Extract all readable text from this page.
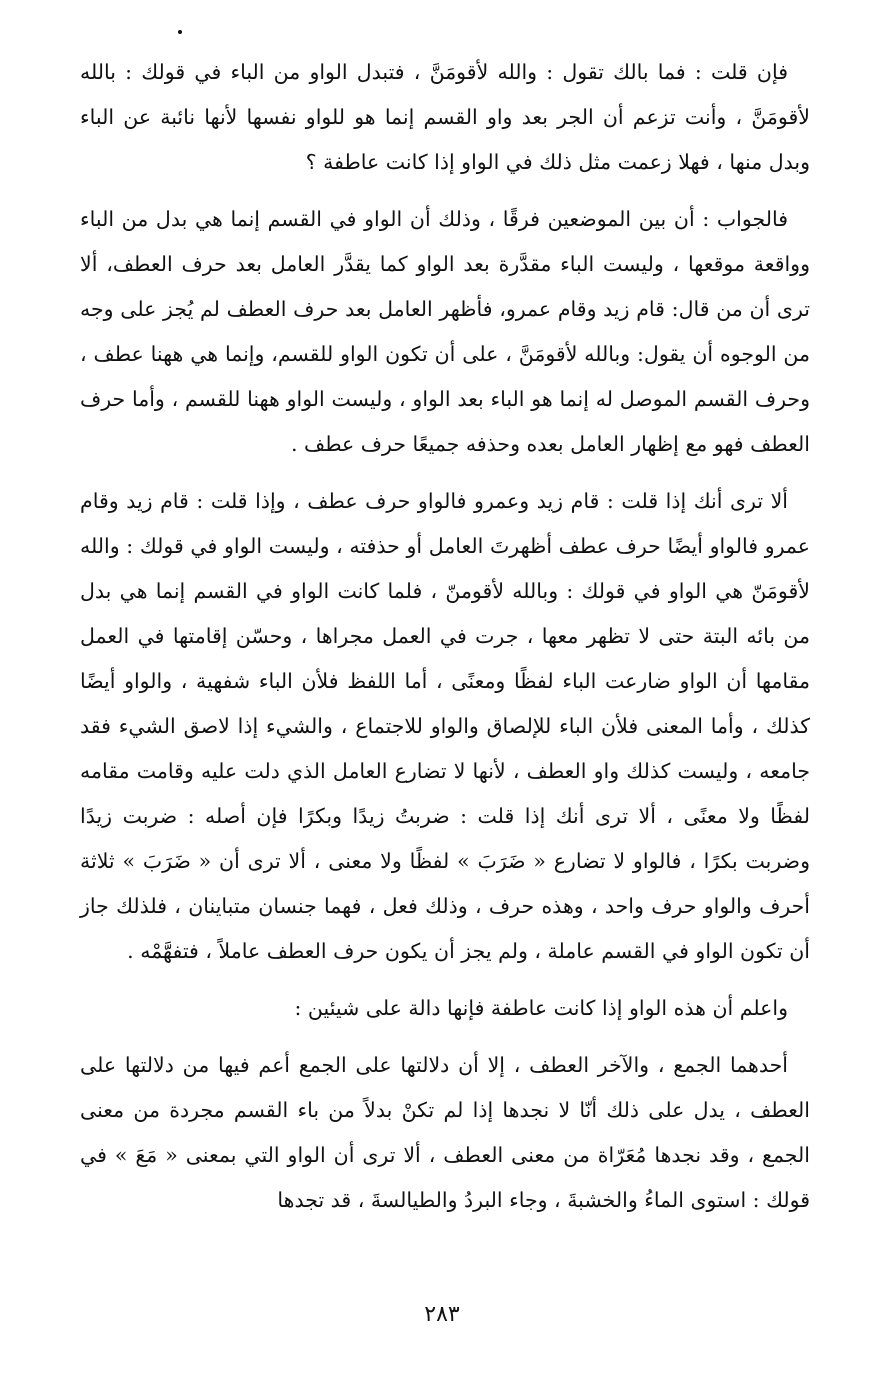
فإن قلت : فما بالك تقول : والله لأقومَنَّ ، فتبدل الواو من الباء في قولك : بالله لأقومَنَّ ، وأنت تزعم أن الجر بعد واو القسم إنما هو للواو نفسها لأنها نائبة عن الباء وبدل منها ، فهلا زعمت مثل ذلك في الواو إذا كانت عاطفة ؟

فالجواب : أن بين الموضعين فرقًا ، وذلك أن الواو في القسم إنما هي بدل من الباء وواقعة موقعها ، وليست الباء مقدَّرة بعد الواو كما يقدَّر العامل بعد حرف العطف، ألا ترى أن من قال: قام زيد وقام عمرو، فأظهر العامل بعد حرف العطف لم يُجز على وجه من الوجوه أن يقول: وبالله لأقومَنَّ ، على أن تكون الواو للقسم، وإنما هي ههنا عطف ، وحرف القسم الموصل له إنما هو الباء بعد الواو ، وليست الواو ههنا للقسم ، وأما حرف العطف فهو مع إظهار العامل بعده وحذفه جميعًا حرف عطف .

ألا ترى أنك إذا قلت : قام زيد وعمرو فالواو حرف عطف ، وإذا قلت : قام زيد وقام عمرو فالواو أيضًا حرف عطف أظهرتَ العامل أو حذفته ، وليست الواو في قولك : والله لأقومَنّ هي الواو في قولك : وبالله لأقومنّ ، فلما كانت الواو في القسم إنما هي بدل من بائه البتة حتى لا تظهر معها ، جرت في العمل مجراها ، وحسّن إقامتها في العمل مقامها أن الواو ضارعت الباء لفظًا ومعنًى ، أما اللفظ فلأن الباء شفهية ، والواو أيضًا كذلك ، وأما المعنى فلأن الباء للإلصاق والواو للاجتماع ، والشيء إذا لاصق الشيء فقد جامعه ، وليست كذلك واو العطف ، لأنها لا تضارع العامل الذي دلت عليه وقامت مقامه لفظًا ولا معنًى ، ألا ترى أنك إذا قلت : ضربتُ زيدًا وبكرًا فإن أصله : ضربت زيدًا وضربت بكرًا ، فالواو لا تضارع « ضَرَبَ » لفظًا ولا معنى ، ألا ترى أن « ضَرَبَ » ثلاثة أحرف والواو حرف واحد ، وهذه حرف ، وذلك فعل ، فهما جنسان متباينان ، فلذلك جاز أن تكون الواو في القسم عاملة ، ولم يجز أن يكون حرف العطف عاملاً ، فتفهَّمْه .

واعلم أن هذه الواو إذا كانت عاطفة فإنها دالة على شيئين :

أحدهما الجمع ، والآخر العطف ، إلا أن دلالتها على الجمع أعم فيها من دلالتها على العطف ، يدل على ذلك أنّا لا نجدها إذا لم تكنْ بدلاً من باء القسم مجردة من معنى الجمع ، وقد نجدها مُعَرّاة من معنى العطف ، ألا ترى أن الواو التي بمعنى « مَعَ » في قولك : استوى الماءُ والخشبةَ ، وجاء البردُ والطيالسةَ ، قد تجدها

٢٨٣
